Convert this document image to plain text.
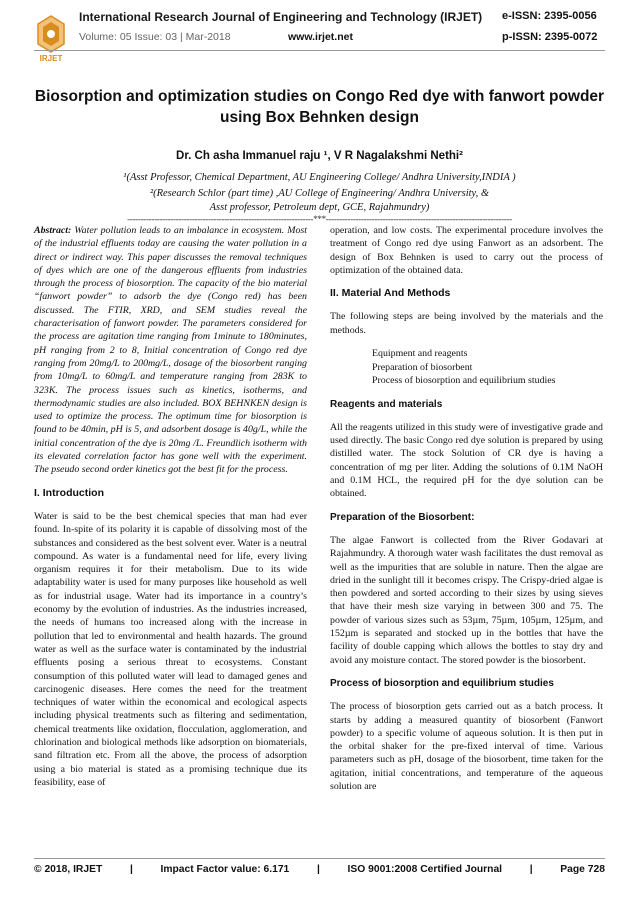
IRJET
International Research Journal of Engineering and Technology (IRJET) e-ISSN: 2395-0056
Volume: 05 Issue: 03 | Mar-2018	www.irjet.net	p-ISSN: 2395-0072
Biosorption and optimization studies on Congo Red dye with fanwort powder using Box Behnken design
Dr. Ch asha Immanuel raju ¹, V R Nagalakshmi Nethi²
¹(Asst Professor, Chemical Department, AU Engineering College/ Andhra University,INDIA )
²(Research Schlor (part time) ,AU College of Engineering/ Andhra University, &
Asst professor, Petroleum dept, GCE, Rajahmundry)
---------------------------------------------------------------------***---------------------------------------------------------------------

Abstract: Water pollution leads to an imbalance in ecosystem. Most of the industrial effluents today are causing the water pollution in a direct or indirect way. This paper discusses the removal techniques of dyes which are one of the dangerous effluents from industries through the process of biosorption. The capacity of the bio material “fanwort powder” to adsorb the dye (Congo red) has been discussed. The FTIR, XRD, and SEM studies reveal the characterisation of fanwort powder. The parameters considered for the process are agitation time ranging from 1minute to 180minutes, pH ranging from 2 to 8, Initial concentration of Congo red dye ranging from 20mg/L to 200mg/L, dosage of the biosorbent ranging from 10mg/L to 60mg/L and temperature ranging from 283K to 323K. The process issues such as kinetics, isotherms, and thermodynamic studies are also included. BOX BEHNKEN design is used to optimize the process. The optimum time for biosorption is found to be 40min, pH is 5, and adsorbent dosage is 40g/L, while the initial concentration of the dye is 20mg /L. Freundlich isotherm with its elevated correlation factor has gone well with the experiment. The pseudo second order kinetics got the best fit for the process.

I. Introduction

Water is said to be the best chemical species that man had ever found. In-spite of its polarity it is capable of dissolving most of the substances and considered as the best solvent ever. Water is a neutral compound. As water is a fundamental need for life, every living organism requires it for their metabolism. Due to its wide adaptability water is used for many purposes like household as well as for industrial usage. Water had its importance in a country’s economy by the evolution of industries. As the industries increased, the needs of humans too increased along with the increase in pollution that led to environmental and health hazards. The ground water as well as the surface water is contaminated by the industrial effluents posing a serious threat to ecosystems. Constant consumption of this polluted water will lead to damaged genes and carcinogenic diseases. Here comes the need for the treatment techniques of water within the economical and ecological aspects including physical treatments such as filtering and sedimentation, chemical treatments like oxidation, flocculation, agglomeration, and chlorination and biological methods like adsorption on biomaterials, sand filtration etc. From all the above, the process of adsorption using a bio material is stated as a promising technique due its feasibility, ease of

operation, and low costs. The experimental procedure involves the treatment of Congo red dye using Fanwort as an adsorbent. The design of Box Behnken is used to carry out the process of optimization of the obtained data.

II. Material And Methods

The following steps are being involved by the materials and the methods.

Equipment and reagents
Preparation of biosorbent
Process of biosorption and equilibrium studies
Reagents and materials

All the reagents utilized in this study were of investigative grade and used directly. The basic Congo red dye solution is prepared by using distilled water. The stock Solution of CR dye is having a concentration of mg per liter. Adding the solutions of 0.1M NaOH and 0.1M HCL, the required pH for the dye solution can be obtained.

Preparation of the Biosorbent:

The algae Fanwort is collected from the River Godavari at Rajahmundry. A thorough water wash facilitates the dust removal as well as the impurities that are soluble in nature. Then the algae are dried in the sunlight till it becomes crispy. The Crispy-dried algae is then powdered and sorted according to their sizes by using sieves that have their mesh size varying in between 300 and 75. The powder of various sizes such as 53µm, 75µm, 105µm, 125µm, and 152µm is separated and stocked up in the bottles that have the facility of double capping which allows the bottles to stay dry and avoid any moisture contact. The stored powder is the biosorbent.

Process of biosorption and equilibrium studies

The process of biosorption gets carried out as a batch process. It starts by adding a measured quantity of biosorbent (Fanwort powder) to a specific volume of aqueous solution. It is then put in the orbital shaker for the pre-fixed interval of time. Various parameters such as pH, dosage of the biosorbent, time taken for the agitation, initial concentrations, and temperature of the aqueous solution are

© 2018, IRJET	|	Impact Factor value: 6.171	|	ISO 9001:2008 Certified Journal	|	Page 728
